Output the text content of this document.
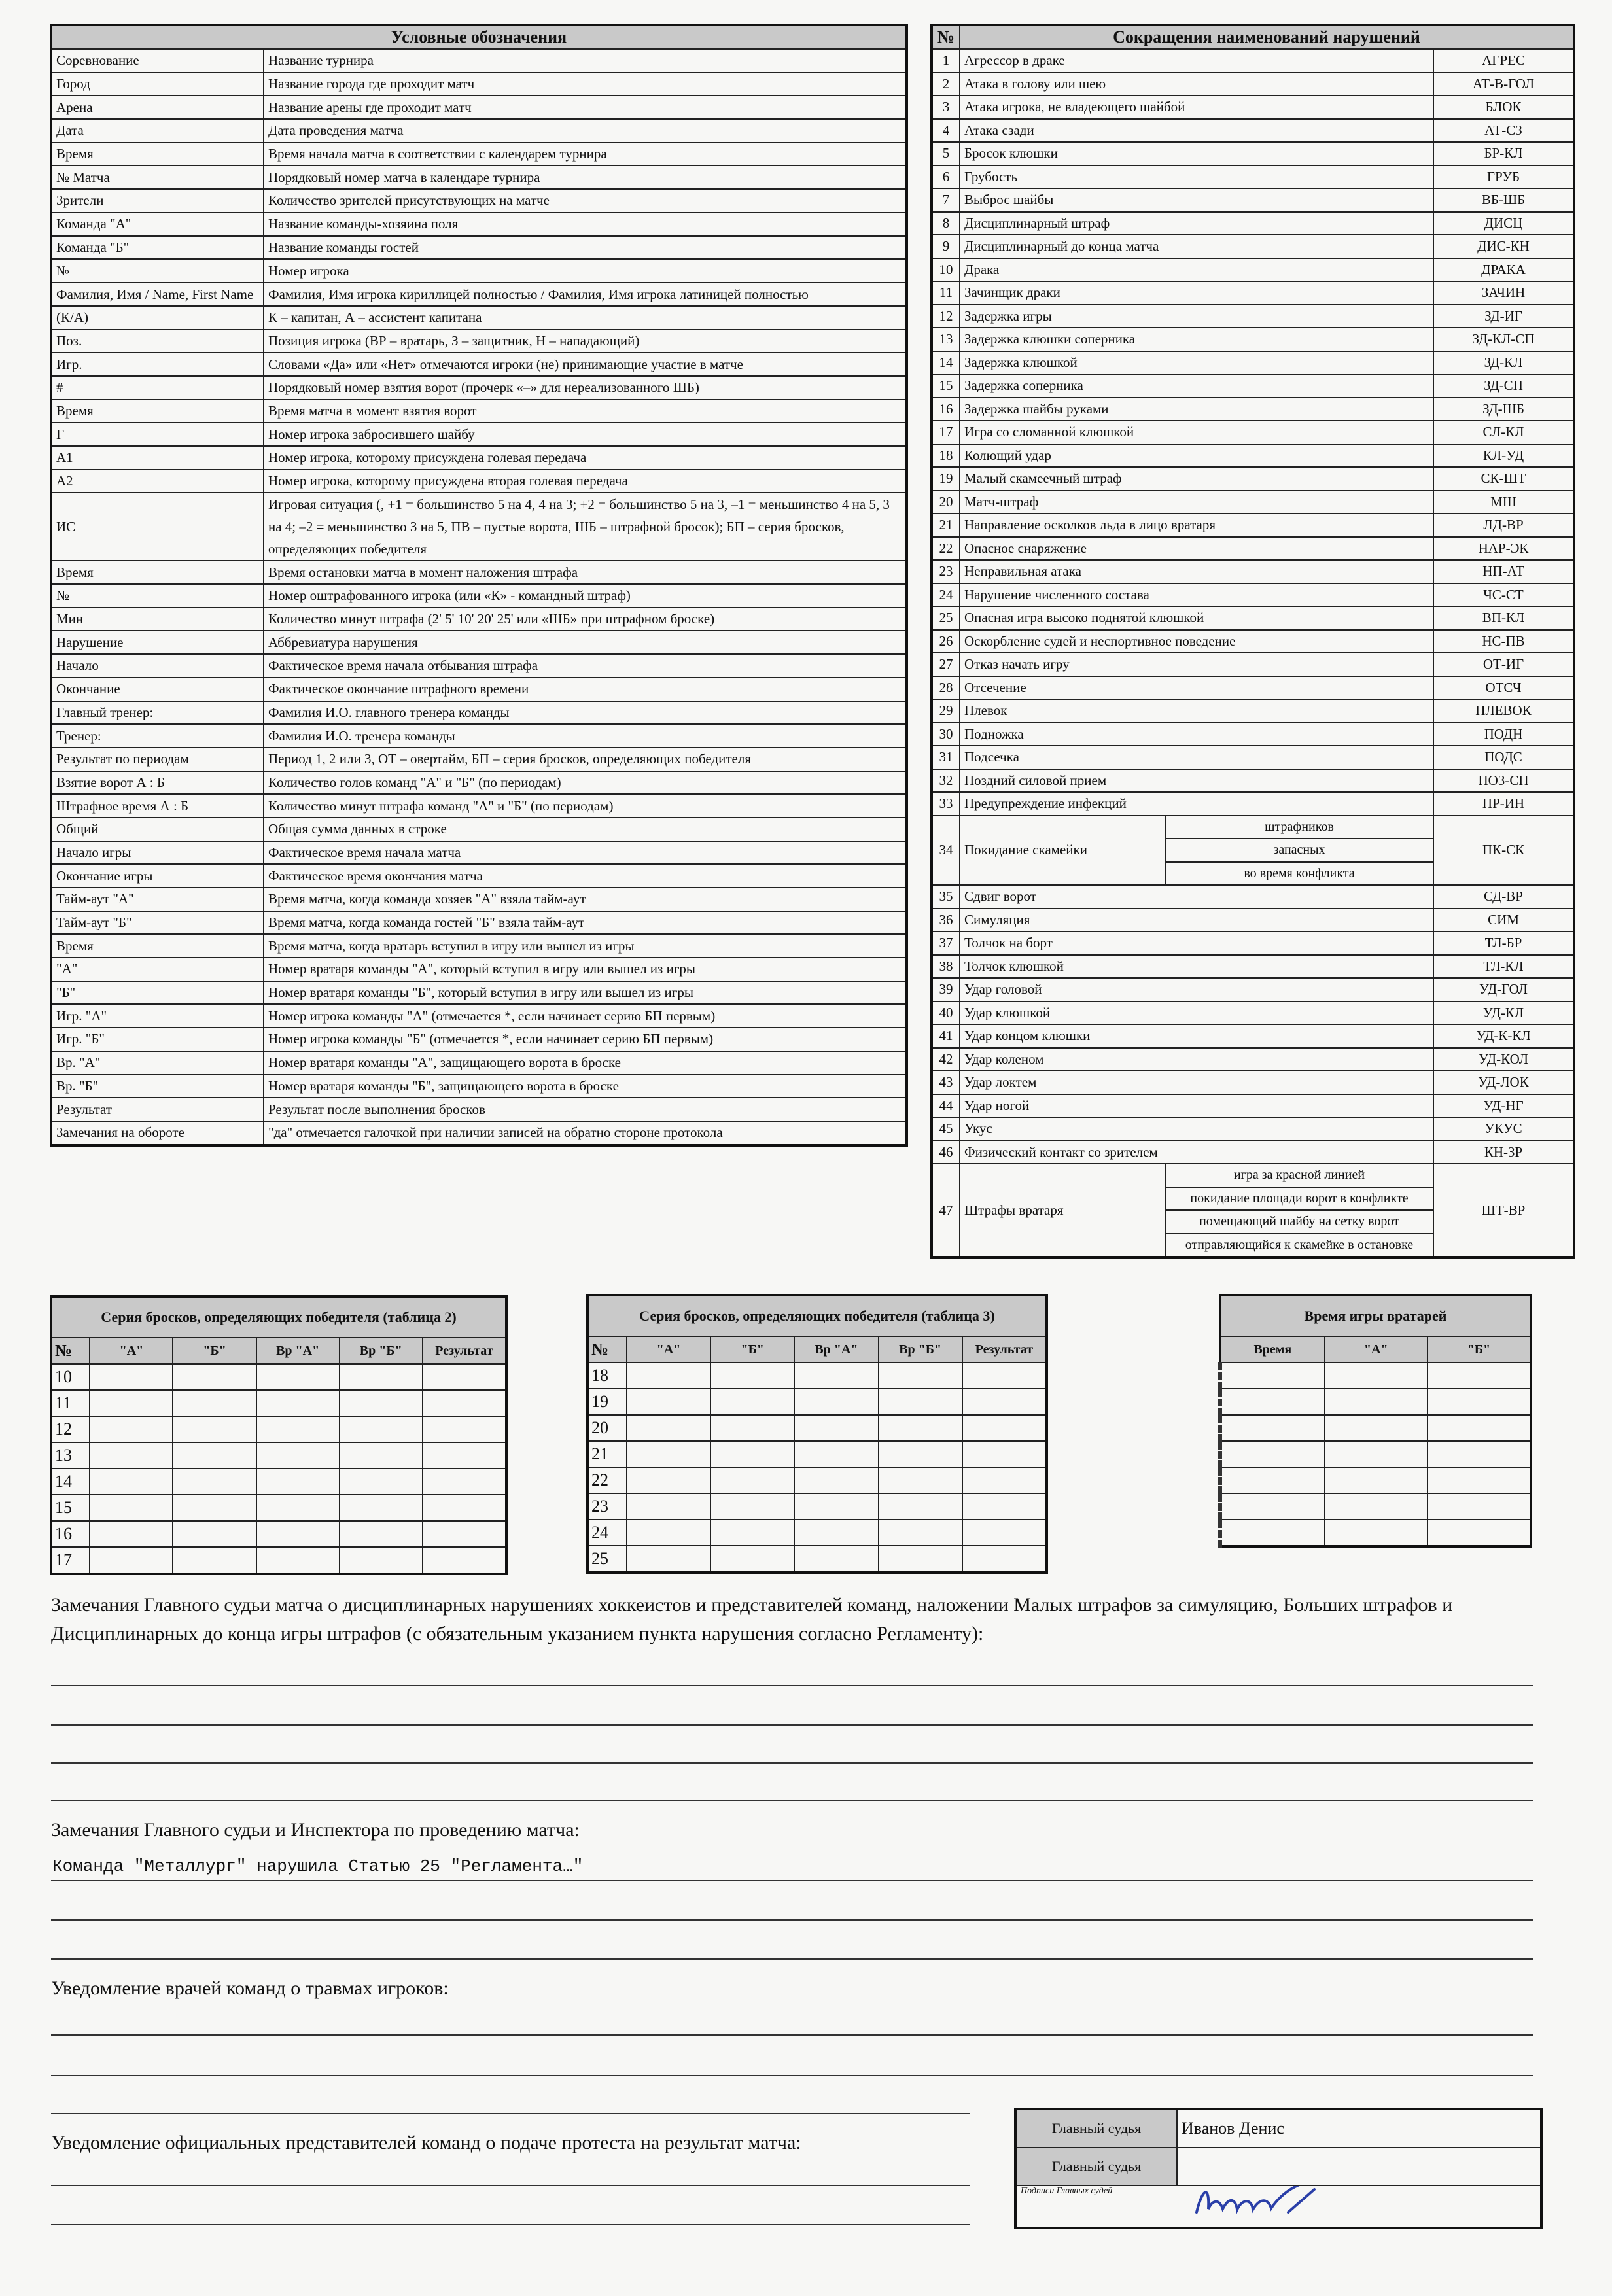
Условные обозначения	
Соревнование	Название турнира
Город	Название города где проходит матч
Арена	Название арены где проходит матч
Дата	Дата проведения матча
Время	Время начала матча в соответствии с календарем турнира
№ Матча	Порядковый номер матча в календаре турнира
Зрители	Количество зрителей присутствующих на матче
Команда "А"	Название команды-хозяина поля
Команда "Б"	Название команды гостей
№	Номер игрока
Фамилия, Имя / Name, First Name	Фамилия, Имя игрока кириллицей полностью / Фамилия, Имя игрока латиницей полностью
(К/А)	К – капитан, А – ассистент капитана
Поз.	Позиция игрока (ВР – вратарь, З – защитник, Н – нападающий)
Игр.	Словами «Да» или «Нет» отмечаются игроки (не) принимающие участие в матче
#	Порядковый номер взятия ворот (прочерк «–» для нереализованного ШБ)
Время	Время матча в момент взятия ворот
Г	Номер игрока забросившего шайбу
А1	Номер игрока, которому присуждена голевая передача
А2	Номер игрока, которому присуждена вторая голевая передача
ИС	Игровая ситуация (, +1 = большинство 5 на 4, 4 на 3; +2 = большинство 5 на 3, –1 = меньшинство 4 на 5, 3 на 4; –2 = меньшинство 3 на 5, ПВ – пустые ворота, ШБ – штрафной бросок); БП – серия бросков, определяющих победителя
Время	Время остановки матча в момент наложения штрафа
№	Номер оштрафованного игрока (или «К» - командный штраф)
Мин	Количество минут штрафа (2' 5' 10' 20' 25' или «ШБ» при штрафном броске)
Нарушение	Аббревиатура нарушения
Начало	Фактическое время начала отбывания штрафа
Окончание	Фактическое окончание штрафного времени
Главный тренер:	Фамилия И.О. главного тренера команды
Тренер:	Фамилия И.О. тренера команды
Результат по периодам	Период 1, 2 или 3, ОТ – овертайм, БП – серия бросков, определяющих победителя
Взятие ворот А : Б	Количество голов команд "А" и "Б" (по периодам)
Штрафное время А : Б	Количество минут штрафа команд "А" и "Б" (по периодам)
Общий	Общая сумма данных в строке
Начало игры	Фактическое время начала матча
Окончание игры	Фактическое время окончания матча
Тайм-аут "А"	Время матча, когда команда хозяев "А" взяла тайм-аут
Тайм-аут "Б"	Время матча, когда команда гостей "Б" взяла тайм-аут
Время	Время матча, когда вратарь вступил в игру или вышел из игры
"А"	Номер вратаря команды "А", который вступил в игру или вышел из игры
"Б"	Номер вратаря команды "Б", который вступил в игру или вышел из игры
Игр. "А"	Номер игрока команды "А" (отмечается *, если начинает серию БП первым)
Игр. "Б"	Номер игрока команды "Б" (отмечается *, если начинает серию БП первым)
Вр. "А"	Номер вратаря команды "А", защищающего ворота в броске
Вр. "Б"	Номер вратаря команды "Б", защищающего ворота в броске
Результат	Результат после выполнения бросков
Замечания на обороте	"да" отмечается галочкой при наличии записей на обратно стороне протокола
№	Сокращения наименований нарушений		
1	Агрессор в драке		АГРЕС
2	Атака в голову или шею		АТ-В-ГОЛ
3	Атака игрока, не владеющего шайбой		БЛОК
4	Атака сзади		АТ-СЗ
5	Бросок клюшки		БР-КЛ
6	Грубость		ГРУБ
7	Выброс шайбы		ВБ-ШБ
8	Дисциплинарный штраф		ДИСЦ
9	Дисциплинарный до конца матча		ДИС-КН
10	Драка		ДРАКА
11	Зачинщик драки		ЗАЧИН
12	Задержка игры		ЗД-ИГ
13	Задержка клюшки соперника		ЗД-КЛ-СП
14	Задержка клюшкой		ЗД-КЛ
15	Задержка соперника		ЗД-СП
16	Задержка шайбы руками		ЗД-ШБ
17	Игра со сломанной клюшкой		СЛ-КЛ
18	Колющий удар		КЛ-УД
19	Малый скамеечный штраф		СК-ШТ
20	Матч-штраф		МШ
21	Направление осколков льда в лицо вратаря		ЛД-ВР
22	Опасное снаряжение		НАР-ЭК
23	Неправильная атака		НП-АТ
24	Нарушение численного состава		ЧС-СТ
25	Опасная игра высоко поднятой клюшкой		ВП-КЛ
26	Оскорбление судей и неспортивное поведение		НС-ПВ
27	Отказ начать игру		ОТ-ИГ
28	Отсечение		ОТСЧ
29	Плевок		ПЛЕВОК
30	Подножка		ПОДН
31	Подсечка		ПОДС
32	Поздний силовой прием		ПОЗ-СП
33	Предупреждение инфекций		ПР-ИН
34	Покидание скамейки	штрафников	ПК-СК
		запасных	
		во время конфликта	
35	Сдвиг ворот		СД-ВР
36	Симуляция		СИМ
37	Толчок на борт		ТЛ-БР
38	Толчок клюшкой		ТЛ-КЛ
39	Удар головой		УД-ГОЛ
40	Удар клюшкой		УД-КЛ
41	Удар концом клюшки		УД-К-КЛ
42	Удар коленом		УД-КОЛ
43	Удар локтем		УД-ЛОК
44	Удар ногой		УД-НГ
45	Укус		УКУС
46	Физический контакт со зрителем		КН-ЗР
47	Штрафы вратаря	игра за красной линией	ШТ-ВР
		покидание площади ворот в конфликте	
		помещающий шайбу на сетку ворот	
		отправляющийся к скамейке в остановке	
Серия бросков, определяющих победителя (таблица 2)					
№	"А"	"Б"	Вр "А"	Вр "Б"	Результат
10					
11					
12					
13					
14					
15					
16					
17					
Серия бросков, определяющих победителя (таблица 3)					
№	"А"	"Б"	Вр "А"	Вр "Б"	Результат
18					
19					
20					
21					
22					
23					
24					
25					
Время игры вратарей		
Время	"А"	"Б"

Замечания Главного судьи матча о дисциплинарных нарушениях хоккеистов и представителей команд, наложении Малых штрафов за симуляцию, Больших штрафов и Дисциплинарных до конца игры штрафов (с обязательным указанием пункта нарушения согласно Регламенту):
Замечания Главного судьи и Инспектора по проведению матча:
Команда "Металлург" нарушила Статью 25 "Регламента…"
Уведомление врачей команд о травмах игроков:
Уведомление официальных представителей команд о подаче протеста на результат матча:
Главный судья	Иванов Денис
Главный судья	
Подписи Главных судей	
